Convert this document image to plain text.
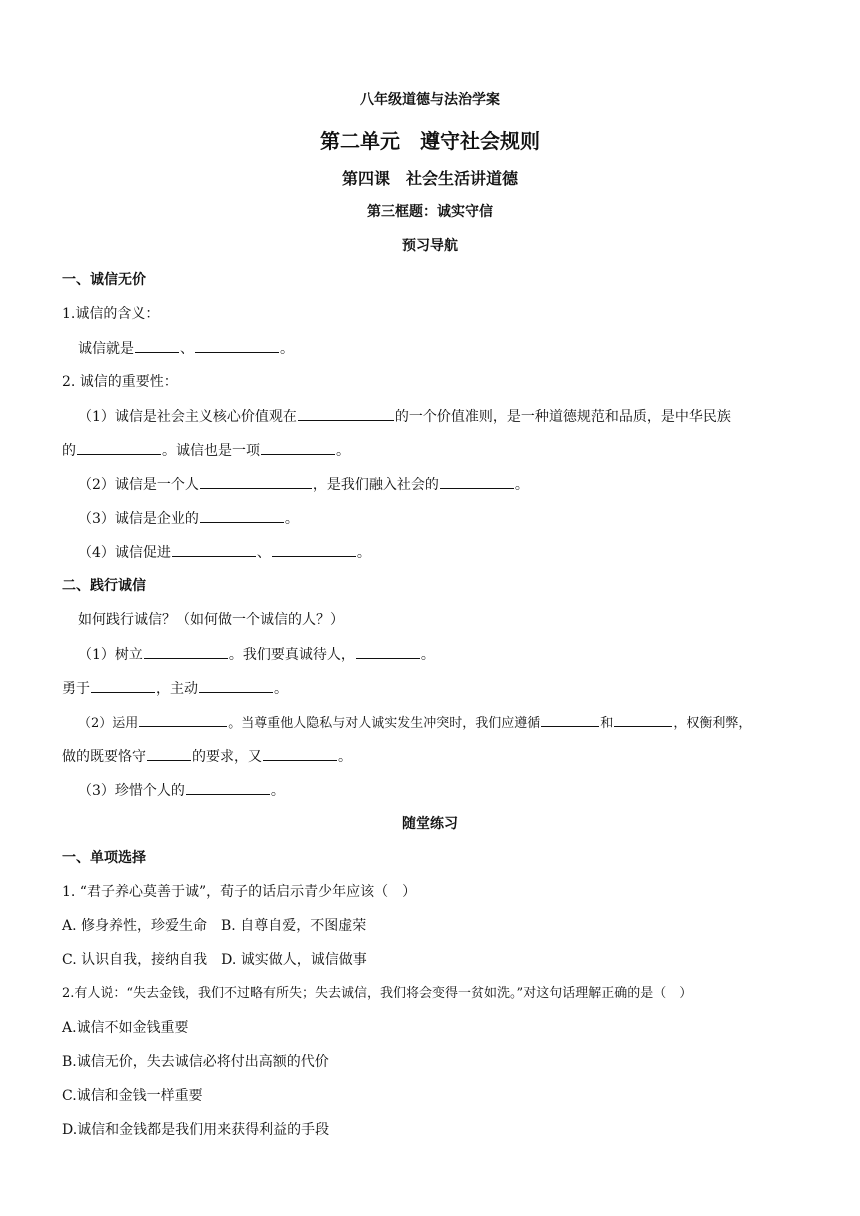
八年级道德与法治学案
第二单元　遵守社会规则
第四课　社会生活讲道德
第三框题：诚实守信
预习导航
一、诚信无价
1.诚信的含义：
诚信就是	、	。
2. 诚信的重要性：
（1）诚信是社会主义核心价值观在	的一个价值准则，是一种道德规范和品质，是中华民族
的	。诚信也是一项	。
（2）诚信是一个人	，是我们融入社会的	。
（3）诚信是企业的	。
（4）诚信促进	、	。
二、践行诚信
如何践行诚信？（如何做一个诚信的人？）
（1）树立	。我们要真诚待人，	。
勇于	，主动	。
（2）运用	。当尊重他人隐私与对人诚实发生冲突时，我们应遵循	和	，权衡利弊，
做的既要恪守	的要求，又	。
（3）珍惜个人的	。
随堂练习
一、单项选择
1. “君子养心莫善于诚”，荀子的话启示青少年应该（　）
A. 修身养性，珍爱生命　B. 自尊自爱，不图虚荣
C. 认识自我，接纳自我　D. 诚实做人，诚信做事
2.有人说：“失去金钱，我们不过略有所失；失去诚信，我们将会变得一贫如洗。”对这句话理解正确的是（　）
A.诚信不如金钱重要
B.诚信无价，失去诚信必将付出高额的代价
C.诚信和金钱一样重要
D.诚信和金钱都是我们用来获得利益的手段
